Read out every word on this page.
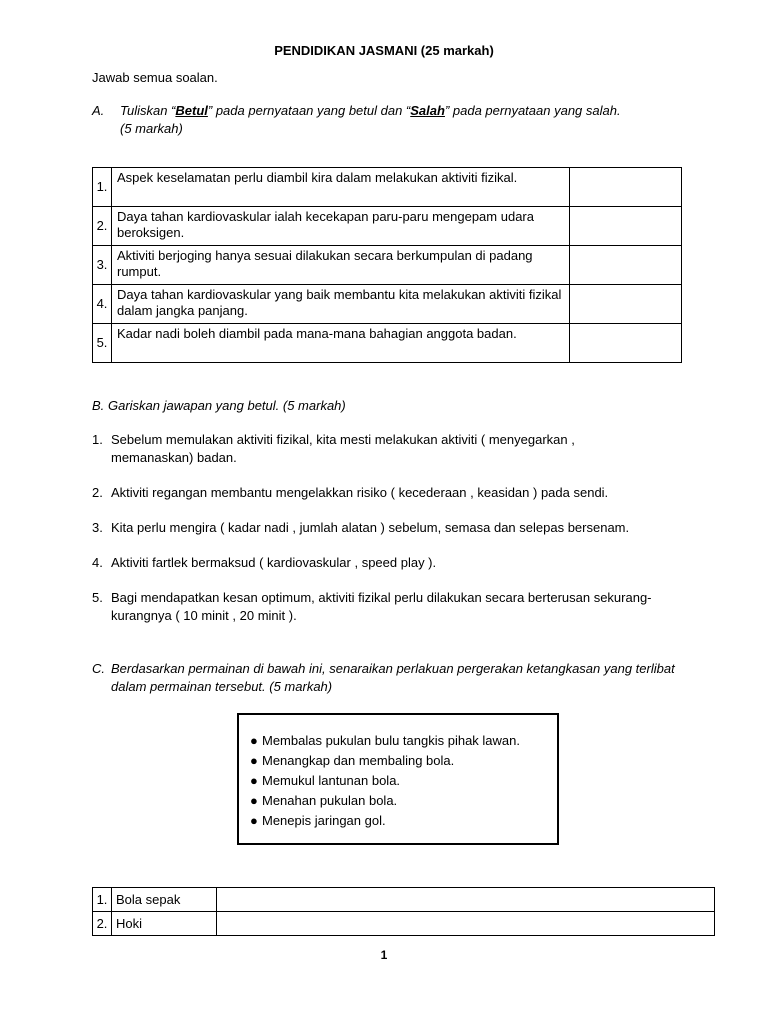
PENDIDIKAN JASMANI (25 markah)
Jawab semua soalan.
A. Tuliskan “Betul” pada pernyataan yang betul dan “Salah” pada pernyataan yang salah.
(5 markah)
1.	Aspek keselamatan perlu diambil kira dalam melakukan aktiviti fizikal.	
2.	Daya tahan kardiovaskular ialah kecekapan paru-paru mengepam udara beroksigen.	
3.	Aktiviti berjoging hanya sesuai dilakukan secara berkumpulan di padang rumput.	
4.	Daya tahan kardiovaskular yang baik membantu kita melakukan aktiviti fizikal dalam jangka panjang.	
5.	Kadar nadi boleh diambil pada mana-mana bahagian anggota badan.	
B. Gariskan jawapan yang betul. (5 markah)
1. Sebelum memulakan aktiviti fizikal, kita mesti melakukan aktiviti ( menyegarkan , memanaskan) badan.
2. Aktiviti regangan membantu mengelakkan risiko ( kecederaan , keasidan ) pada sendi.
3. Kita perlu mengira ( kadar nadi , jumlah alatan ) sebelum, semasa dan selepas bersenam.
4. Aktiviti fartlek bermaksud ( kardiovaskular , speed play ).
5. Bagi mendapatkan kesan optimum, aktiviti fizikal perlu dilakukan secara berterusan sekurang-kurangnya ( 10 minit , 20 minit ).
C. Berdasarkan permainan di bawah ini, senaraikan perlakuan pergerakan ketangkasan yang terlibat dalam permainan tersebut. (5 markah)
● Membalas pukulan bulu tangkis pihak lawan.
● Menangkap dan membaling bola.
● Memukul lantunan bola.
● Menahan pukulan bola.
● Menepis jaringan gol.
1.	Bola sepak	
2.	Hoki	
1
